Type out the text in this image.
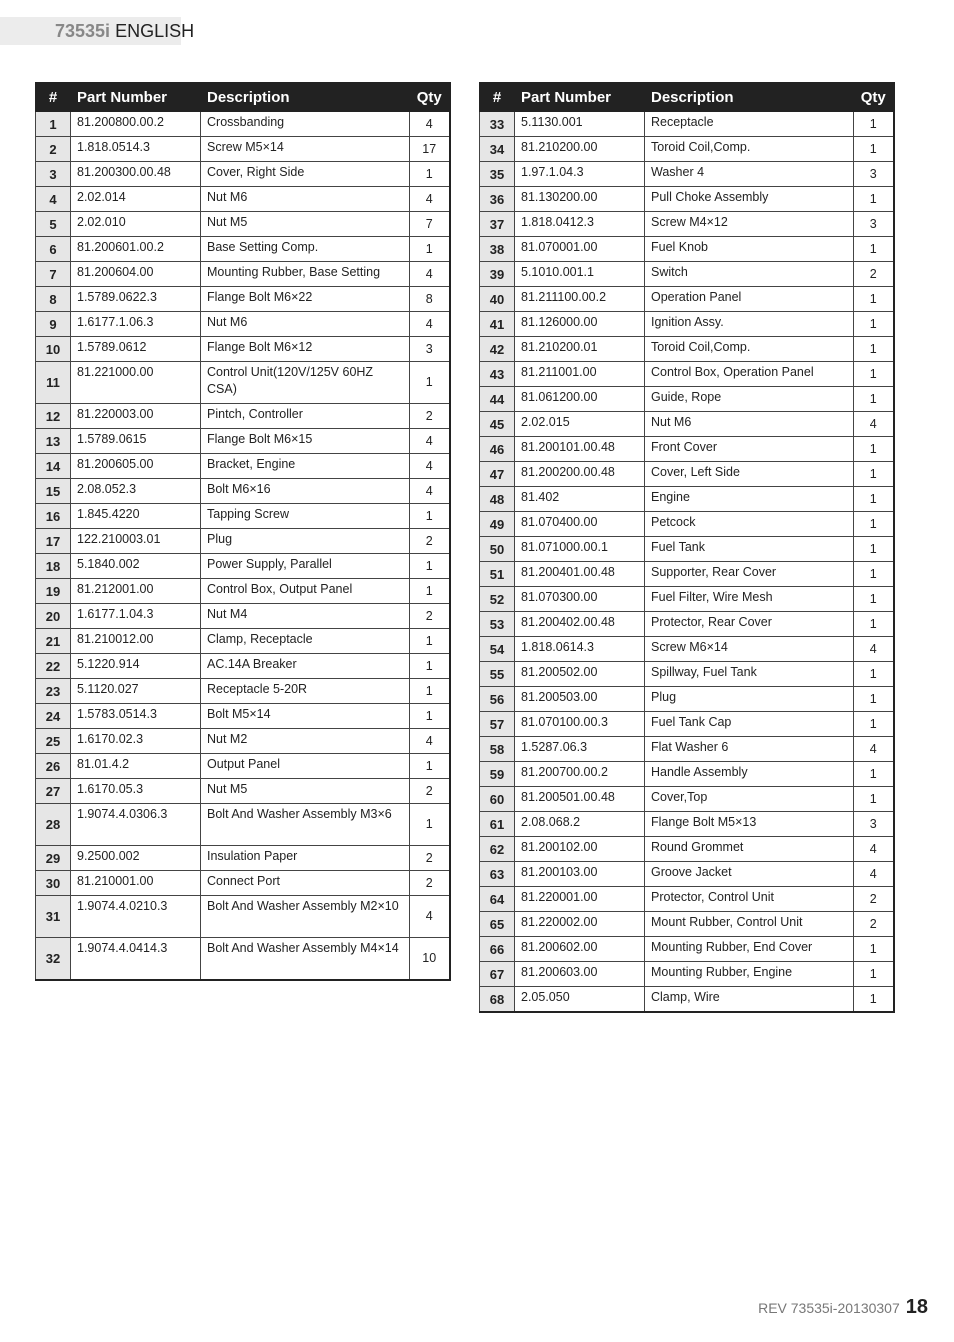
73535i ENGLISH
#	Part Number	Description	Qty
1	81.200800.00.2	Crossbanding	4
2	1.818.0514.3	Screw M5×14	17
3	81.200300.00.48	Cover, Right Side	1
4	2.02.014	Nut M6	4
5	2.02.010	Nut M5	7
6	81.200601.00.2	Base Setting Comp.	1
7	81.200604.00	Mounting Rubber, Base Setting	4
8	1.5789.0622.3	Flange Bolt M6×22	8
9	1.6177.1.06.3	Nut M6	4
10	1.5789.0612	Flange Bolt M6×12	3
11	81.221000.00	Control Unit(120V/125V 60HZ CSA)	1
12	81.220003.00	Pintch, Controller	2
13	1.5789.0615	Flange Bolt M6×15	4
14	81.200605.00	Bracket, Engine	4
15	2.08.052.3	Bolt M6×16	4
16	1.845.4220	Tapping Screw	1
17	122.210003.01	Plug	2
18	5.1840.002	Power Supply, Parallel	1
19	81.212001.00	Control Box, Output Panel	1
20	1.6177.1.04.3	Nut M4	2
21	81.210012.00	Clamp, Receptacle	1
22	5.1220.914	AC.14A Breaker	1
23	5.1120.027	Receptacle 5-20R	1
24	1.5783.0514.3	Bolt M5×14	1
25	1.6170.02.3	Nut M2	4
26	81.01.4.2	Output Panel	1
27	1.6170.05.3	Nut M5	2
28	1.9074.4.0306.3	Bolt And Washer Assembly M3×6	1
29	9.2500.002	Insulation Paper	2
30	81.210001.00	Connect Port	2
31	1.9074.4.0210.3	Bolt And Washer Assembly M2×10	4
32	1.9074.4.0414.3	Bolt And Washer Assembly M4×14	10
#	Part Number	Description	Qty
33	5.1130.001	Receptacle	1
34	81.210200.00	Toroid Coil,Comp.	1
35	1.97.1.04.3	Washer 4	3
36	81.130200.00	Pull Choke Assembly	1
37	1.818.0412.3	Screw M4×12	3
38	81.070001.00	Fuel Knob	1
39	5.1010.001.1	Switch	2
40	81.211100.00.2	Operation Panel	1
41	81.126000.00	Ignition Assy.	1
42	81.210200.01	Toroid Coil,Comp.	1
43	81.211001.00	Control Box, Operation Panel	1
44	81.061200.00	Guide, Rope	1
45	2.02.015	Nut M6	4
46	81.200101.00.48	Front Cover	1
47	81.200200.00.48	Cover, Left Side	1
48	81.402	Engine	1
49	81.070400.00	Petcock	1
50	81.071000.00.1	Fuel Tank	1
51	81.200401.00.48	Supporter, Rear Cover	1
52	81.070300.00	Fuel Filter, Wire Mesh	1
53	81.200402.00.48	Protector, Rear Cover	1
54	1.818.0614.3	Screw M6×14	4
55	81.200502.00	Spillway, Fuel Tank	1
56	81.200503.00	Plug	1
57	81.070100.00.3	Fuel Tank Cap	1
58	1.5287.06.3	Flat Washer 6	4
59	81.200700.00.2	Handle Assembly	1
60	81.200501.00.48	Cover,Top	1
61	2.08.068.2	Flange Bolt M5×13	3
62	81.200102.00	Round Grommet	4
63	81.200103.00	Groove Jacket	4
64	81.220001.00	Protector, Control Unit	2
65	81.220002.00	Mount Rubber, Control Unit	2
66	81.200602.00	Mounting Rubber, End Cover	1
67	81.200603.00	Mounting Rubber, Engine	1
68	2.05.050	Clamp, Wire	1
REV 73535i-20130307 18
